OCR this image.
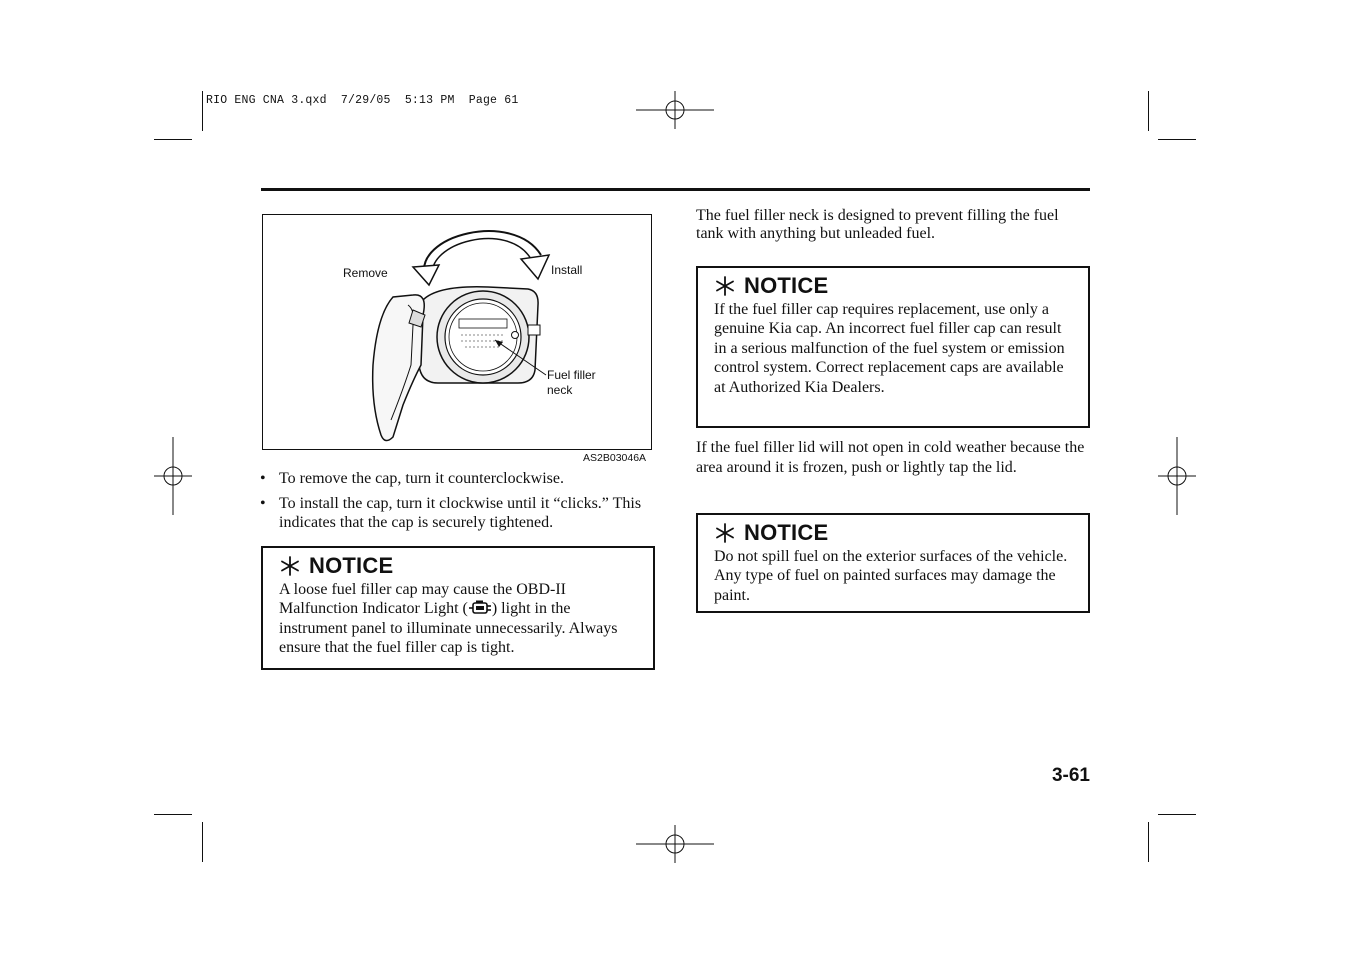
RIO ENG CNA 3.qxd  7/29/05  5:13 PM  Page 61
Remove	Install
Fuel filler
neck
AS2B03046A
• To remove the cap, turn it counterclockwise.
• To install the cap, turn it clockwise until it “clicks.” This indicates that the cap is securely tightened.
NOTICE
A loose fuel filler cap may cause the OBD-II Malfunction Indicator Light ( ) light in the instrument panel to illuminate unnecessarily. Always ensure that the fuel filler cap is tight.
The fuel filler neck is designed to prevent filling the fuel tank with anything but unleaded fuel.
NOTICE
If the fuel filler cap requires replacement, use only a genuine Kia cap. An incorrect fuel filler cap can result in a serious malfunction of the fuel system or emission control system. Correct replacement caps are available at Authorized Kia Dealers.
If the fuel filler lid will not open in cold weather because the area around it is frozen, push or lightly tap the lid.
NOTICE
Do not spill fuel on the exterior surfaces of the vehicle. Any type of fuel on painted surfaces may damage the paint.
3-61
